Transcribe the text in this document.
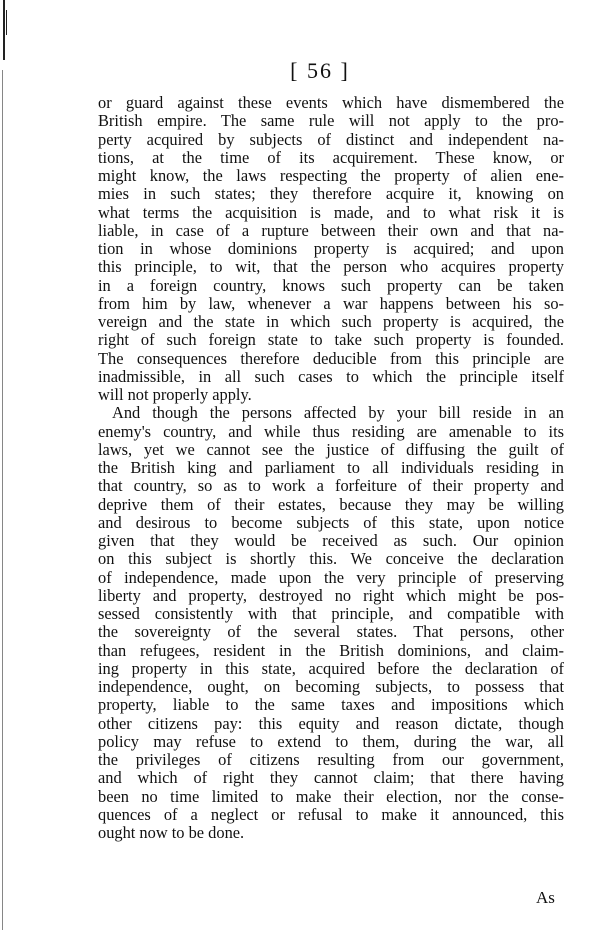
[ 56 ]
or guard against these events which have dismembered the
British empire. The same rule will not apply to the pro-
perty acquired by subjects of distinct and independent na-
tions, at the time of its acquirement. These know, or
might know, the laws respecting the property of alien ene-
mies in such states; they therefore acquire it, knowing on
what terms the acquisition is made, and to what risk it is
liable, in case of a rupture between their own and that na-
tion in whose dominions property is acquired; and upon
this principle, to wit, that the person who acquires property
in a foreign country, knows such property can be taken
from him by law, whenever a war happens between his so-
vereign and the state in which such property is acquired, the
right of such foreign state to take such property is founded.
The consequences therefore deducible from this principle are
inadmissible, in all such cases to which the principle itself
will not properly apply.
And though the persons affected by your bill reside in an
enemy's country, and while thus residing are amenable to its
laws, yet we cannot see the justice of diffusing the guilt of
the British king and parliament to all individuals residing in
that country, so as to work a forfeiture of their property and
deprive them of their estates, because they may be willing
and desirous to become subjects of this state, upon notice
given that they would be received as such. Our opinion
on this subject is shortly this. We conceive the declaration
of independence, made upon the very principle of preserving
liberty and property, destroyed no right which might be pos-
sessed consistently with that principle, and compatible with
the sovereignty of the several states. That persons, other
than refugees, resident in the British dominions, and claim-
ing property in this state, acquired before the declaration of
independence, ought, on becoming subjects, to possess that
property, liable to the same taxes and impositions which
other citizens pay: this equity and reason dictate, though
policy may refuse to extend to them, during the war, all
the privileges of citizens resulting from our government,
and which of right they cannot claim; that there having
been no time limited to make their election, nor the conse-
quences of a neglect or refusal to make it announced, this
ought now to be done.
As
